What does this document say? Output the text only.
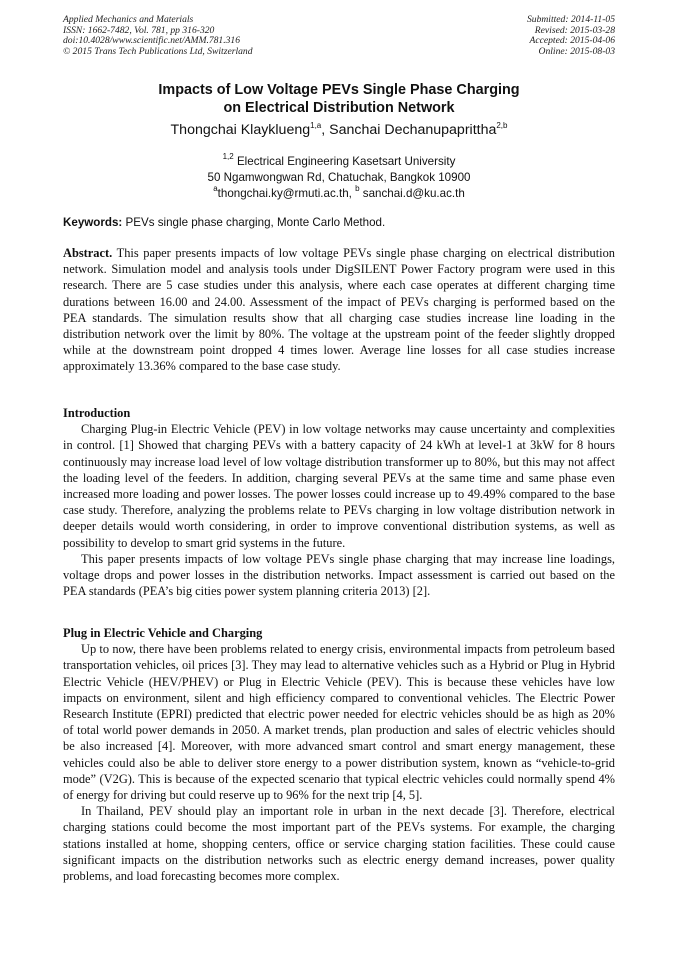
Applied Mechanics and Materials
ISSN: 1662-7482, Vol. 781, pp 316-320
doi:10.4028/www.scientific.net/AMM.781.316
© 2015 Trans Tech Publications Ltd, Switzerland
Submitted: 2014-11-05
Revised: 2015-03-28
Accepted: 2015-04-06
Online: 2015-08-03
Impacts of Low Voltage PEVs Single Phase Charging
on Electrical Distribution Network
Thongchai Klayklueng$^{1,a}$, Sanchai Dechanupaprittha$^{2,b}$
$^{1,2}$ Electrical Engineering Kasetsart University
50 Ngamwongwan Rd, Chatuchak, Bangkok 10900
$^a$thongchai.ky@rmuti.ac.th, $^b$ sanchai.d@ku.ac.th
Keywords: PEVs single phase charging, Monte Carlo Method.

Abstract. This paper presents impacts of low voltage PEVs single phase charging on electrical distribution network. Simulation model and analysis tools under DigSILENT Power Factory program were used in this research. There are 5 case studies under this analysis, where each case operates at different charging time durations between 16.00 and 24.00. Assessment of the impact of PEVs charging is performed based on the PEA standards. The simulation results show that all charging case studies increase line loading in the distribution network over the limit by 80%. The voltage at the upstream point of the feeder slightly dropped while at the downstream point dropped 4 times lower. Average line losses for all case studies increase approximately 13.36% compared to the base case study.

Introduction

Charging Plug-in Electric Vehicle (PEV) in low voltage networks may cause uncertainty and complexities in control. [1] Showed that charging PEVs with a battery capacity of 24 kWh at level-1 at 3kW for 8 hours continuously may increase load level of low voltage distribution transformer up to 80%, but this may not affect the loading level of the feeders. In addition, charging several PEVs at the same time and same phase even increased more loading and power losses. The power losses could increase up to 49.49% compared to the base case study. Therefore, analyzing the problems relate to PEVs charging in low voltage distribution network in deeper details would worth considering, in order to improve conventional distribution systems, as well as possibility to develop to smart grid systems in the future.

This paper presents impacts of low voltage PEVs single phase charging that may increase line loadings, voltage drops and power losses in the distribution networks. Impact assessment is carried out based on the PEA standards (PEA’s big cities power system planning criteria 2013) [2].

Plug in Electric Vehicle and Charging

Up to now, there have been problems related to energy crisis, environmental impacts from petroleum based transportation vehicles, oil prices [3]. They may lead to alternative vehicles such as a Hybrid or Plug in Hybrid Electric Vehicle (HEV/PHEV) or Plug in Electric Vehicle (PEV). This is because these vehicles have low impacts on environment, silent and high efficiency compared to conventional vehicles. The Electric Power Research Institute (EPRI) predicted that electric power needed for electric vehicles should be as high as 20% of total world power demands in 2050. A market trends, plan production and sales of electric vehicles should be also increased [4]. Moreover, with more advanced smart control and smart energy management, these vehicles could also be able to deliver store energy to a power distribution system, known as “vehicle-to-grid mode” (V2G). This is because of the expected scenario that typical electric vehicles could normally spend 4% of energy for driving but could reserve up to 96% for the next trip [4, 5].

In Thailand, PEV should play an important role in urban in the next decade [3]. Therefore, electrical charging stations could become the most important part of the PEVs systems. For example, the charging stations installed at home, shopping centers, office or service charging station facilities. These could cause significant impacts on the distribution networks such as electric energy demand increases, power quality problems, and load forecasting becomes more complex.
